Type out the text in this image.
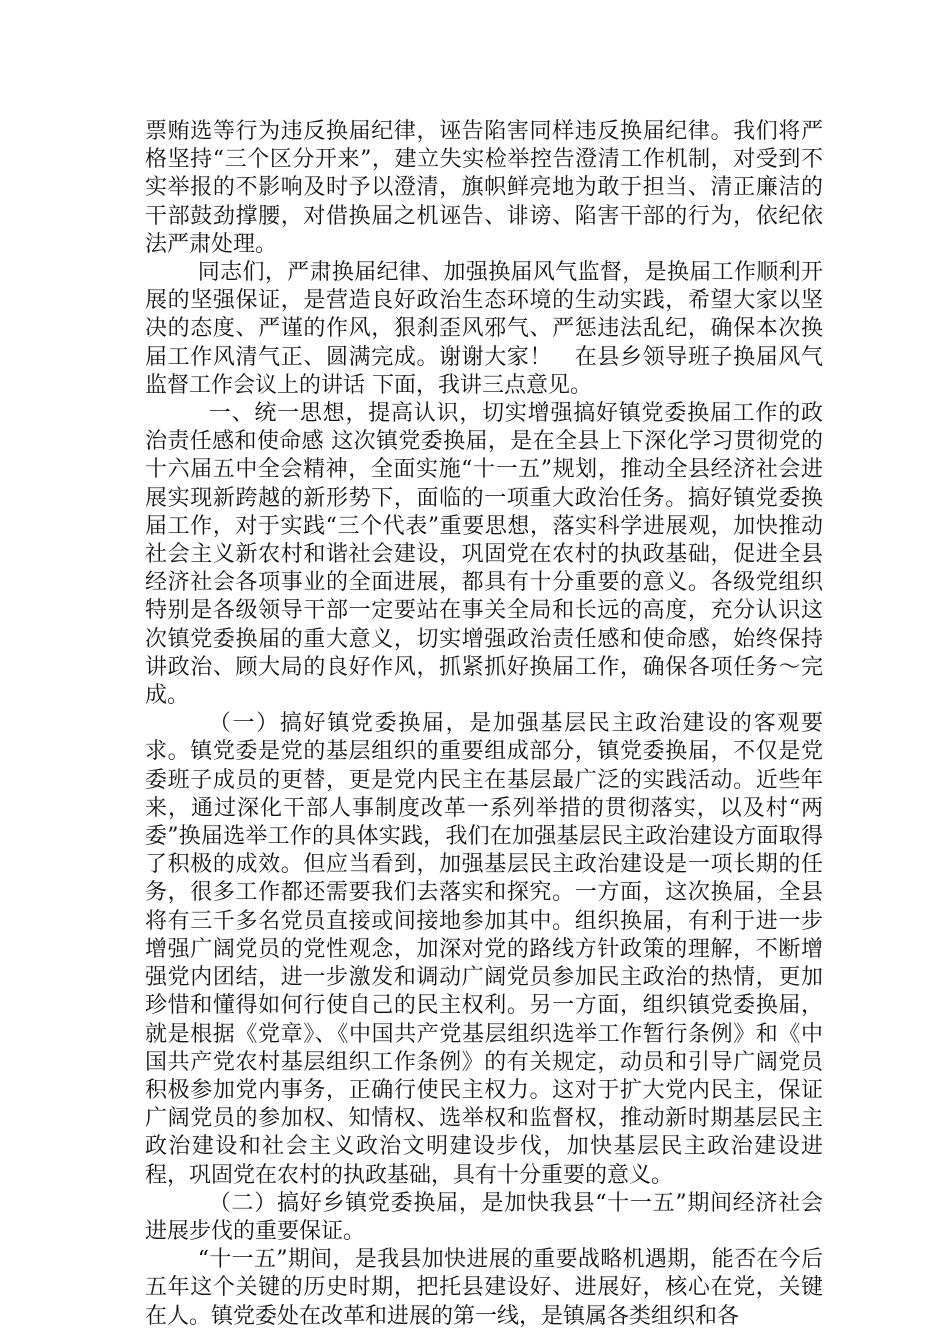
票贿选等行为违反换届纪律，诬告陷害同样违反换届纪律。我们将严格坚持“三个区分开来”，建立失实检举控告澄清工作机制，对受到不实举报的不影响及时予以澄清，旗帜鲜亮地为敢于担当、清正廉洁的干部鼓劲撑腰，对借换届之机诬告、诽谤、陷害干部的行为，依纪依法严肃处理。

同志们，严肃换届纪律、加强换届风气监督，是换届工作顺利开展的坚强保证，是营造良好政治生态环境的生动实践，希望大家以坚决的态度、严谨的作风，狠刹歪风邪气、严惩违法乱纪，确保本次换届工作风清气正、圆满完成。谢谢大家！　在县乡领导班子换届风气监督工作会议上的讲话 下面，我讲三点意见。

一、统一思想，提高认识，切实增强搞好镇党委换届工作的政治责任感和使命感 这次镇党委换届，是在全县上下深化学习贯彻党的十六届五中全会精神，全面实施“十一五”规划，推动全县经济社会进展实现新跨越的新形势下，面临的一项重大政治任务。搞好镇党委换届工作，对于实践“三个代表”重要思想，落实科学进展观，加快推动社会主义新农村和谐社会建设，巩固党在农村的执政基础，促进全县经济社会各项事业的全面进展，都具有十分重要的意义。各级党组织特别是各级领导干部一定要站在事关全局和长远的高度，充分认识这次镇党委换届的重大意义，切实增强政治责任感和使命感，始终保持讲政治、顾大局的良好作风，抓紧抓好换届工作，确保各项任务～完成。

（一）搞好镇党委换届，是加强基层民主政治建设的客观要求。镇党委是党的基层组织的重要组成部分，镇党委换届，不仅是党委班子成员的更替，更是党内民主在基层最广泛的实践活动。近些年来，通过深化干部人事制度改革一系列举措的贯彻落实，以及村“两委”换届选举工作的具体实践，我们在加强基层民主政治建设方面取得了积极的成效。但应当看到，加强基层民主政治建设是一项长期的任务，很多工作都还需要我们去落实和探究。一方面，这次换届，全县将有三千多名党员直接或间接地参加其中。组织换届，有利于进一步增强广阔党员的党性观念，加深对党的路线方针政策的理解，不断增强党内团结，进一步激发和调动广阔党员参加民主政治的热情，更加珍惜和懂得如何行使自己的民主权利。另一方面，组织镇党委换届，就是根据《党章》、《中国共产党基层组织选举工作暂行条例》和《中国共产党农村基层组织工作条例》的有关规定，动员和引导广阔党员积极参加党内事务，正确行使民主权力。这对于扩大党内民主，保证广阔党员的参加权、知情权、选举权和监督权，推动新时期基层民主政治建设和社会主义政治文明建设步伐，加快基层民主政治建设进程，巩固党在农村的执政基础，具有十分重要的意义。

（二）搞好乡镇党委换届，是加快我县“十一五”期间经济社会进展步伐的重要保证。

“十一五”期间，是我县加快进展的重要战略机遇期，能否在今后五年这个关键的历史时期，把托县建设好、进展好，核心在党，关键在人。镇党委处在改革和进展的第一线，是镇属各类组织和各
